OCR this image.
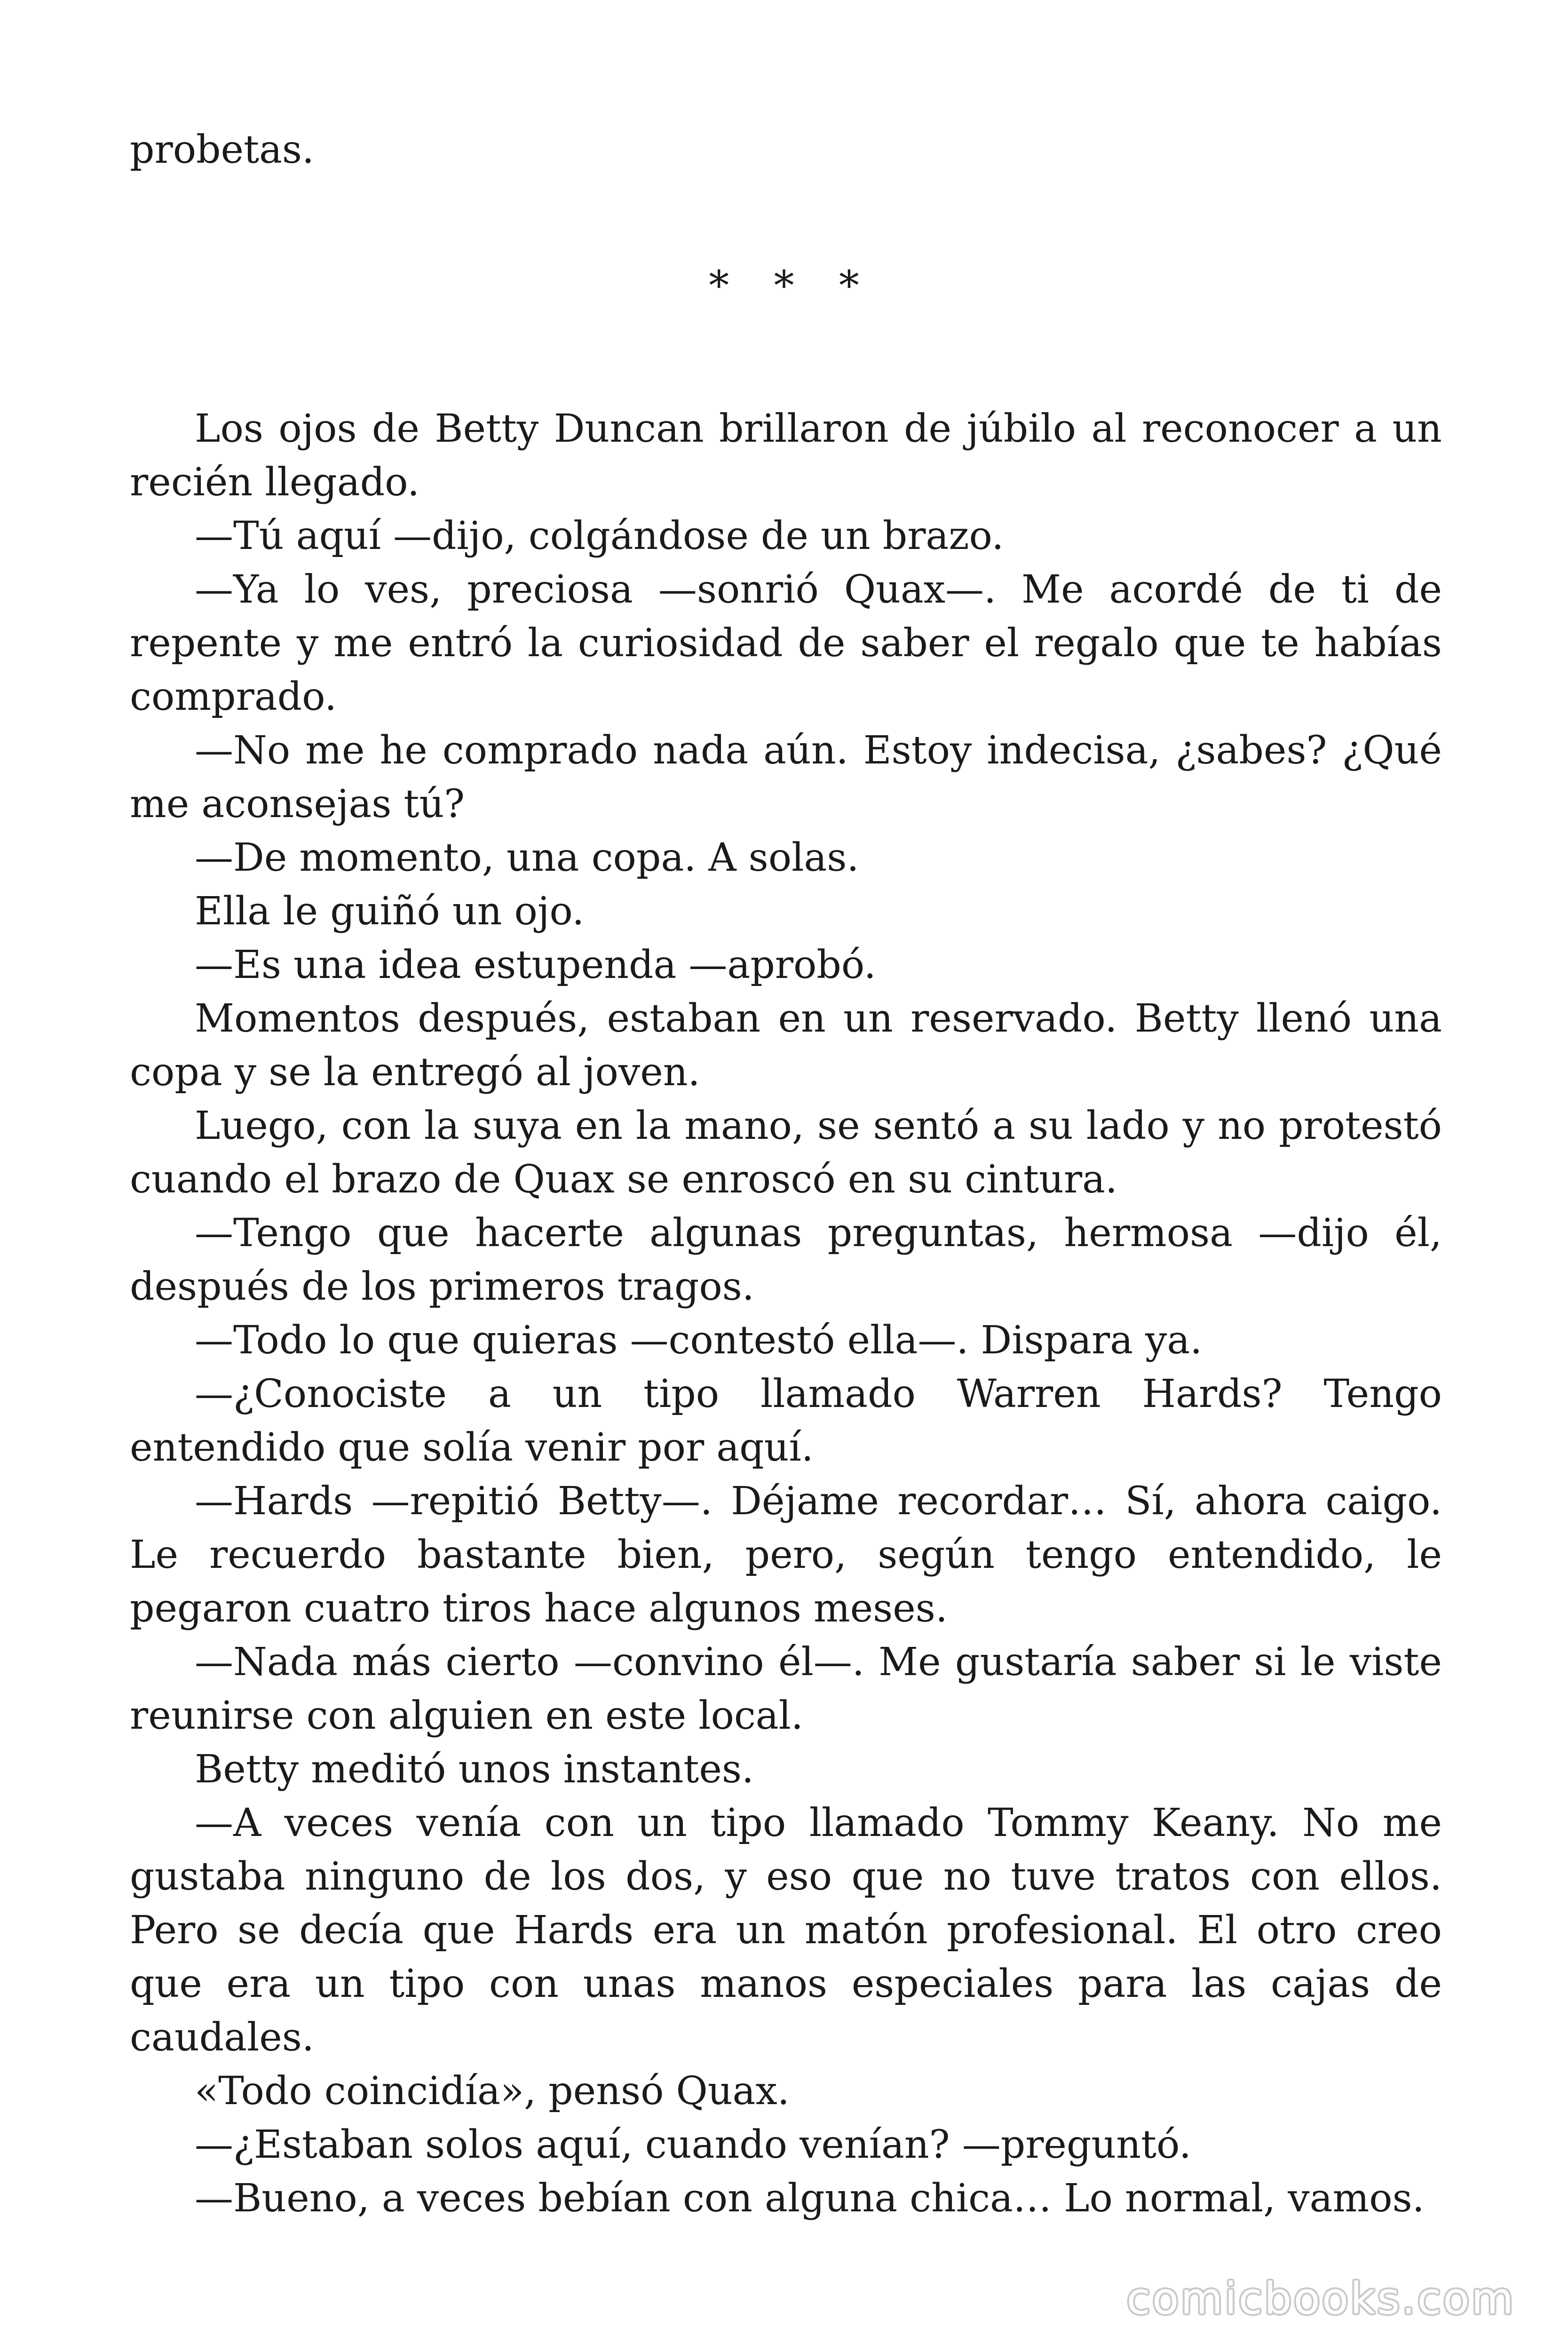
probetas.

* * *

Los ojos de Betty Duncan brillaron de júbilo al reconocer a un recién llegado.

—Tú aquí —dijo, colgándose de un brazo.

—Ya lo ves, preciosa —sonrió Quax—. Me acordé de ti de repente y me entró la curiosidad de saber el regalo que te habías comprado.

—No me he comprado nada aún. Estoy indecisa, ¿sabes? ¿Qué me aconsejas tú?

—De momento, una copa. A solas.

Ella le guiñó un ojo.

—Es una idea estupenda —aprobó.

Momentos después, estaban en un reservado. Betty llenó una copa y se la entregó al joven.

Luego, con la suya en la mano, se sentó a su lado y no protestó cuando el brazo de Quax se enroscó en su cintura.

—Tengo que hacerte algunas preguntas, hermosa —dijo él, después de los primeros tragos.

—Todo lo que quieras —contestó ella—. Dispara ya.

—¿Conociste a un tipo llamado Warren Hards? Tengo entendido que solía venir por aquí.

—Hards —repitió Betty—. Déjame recordar… Sí, ahora caigo. Le recuerdo bastante bien, pero, según tengo entendido, le pegaron cuatro tiros hace algunos meses.

—Nada más cierto —convino él—. Me gustaría saber si le viste reunirse con alguien en este local.

Betty meditó unos instantes.

—A veces venía con un tipo llamado Tommy Keany. No me gustaba ninguno de los dos, y eso que no tuve tratos con ellos. Pero se decía que Hards era un matón profesional. El otro creo que era un tipo con unas manos especiales para las cajas de caudales.

«Todo coincidía», pensó Quax.

—¿Estaban solos aquí, cuando venían? —preguntó.

—Bueno, a veces bebían con alguna chica… Lo normal, vamos.

comicbooks.com
